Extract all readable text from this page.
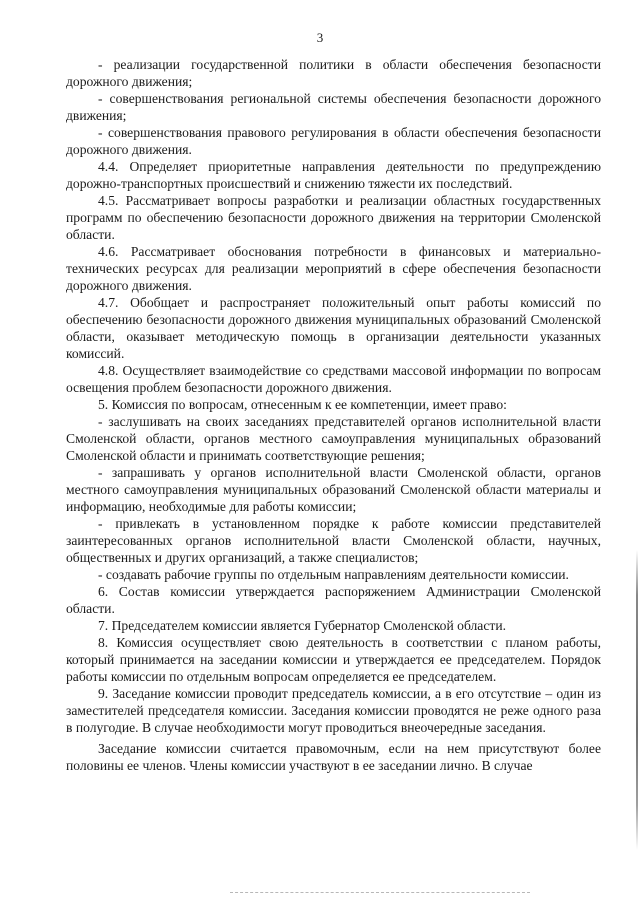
3

- реализации государственной политики в области обеспечения безопасности дорожного движения;

- совершенствования региональной системы обеспечения безопасности дорожного движения;

- совершенствования правового регулирования в области обеспечения безопасности дорожного движения.

4.4. Определяет приоритетные направления деятельности по предупреждению дорожно-транспортных происшествий и снижению тяжести их последствий.

4.5. Рассматривает вопросы разработки и реализации областных государственных программ по обеспечению безопасности дорожного движения на территории Смоленской области.

4.6. Рассматривает обоснования потребности в финансовых и материально-технических ресурсах для реализации мероприятий в сфере обеспечения безопасности дорожного движения.

4.7. Обобщает и распространяет положительный опыт работы комиссий по обеспечению безопасности дорожного движения муниципальных образований Смоленской области, оказывает методическую помощь в организации деятельности указанных комиссий.

4.8. Осуществляет взаимодействие со средствами массовой информации по вопросам освещения проблем безопасности дорожного движения.

5. Комиссия по вопросам, отнесенным к ее компетенции, имеет право:

- заслушивать на своих заседаниях представителей органов исполнительной власти Смоленской области, органов местного самоуправления муниципальных образований Смоленской области и принимать соответствующие решения;

- запрашивать у органов исполнительной власти Смоленской области, органов местного самоуправления муниципальных образований Смоленской области материалы и информацию, необходимые для работы комиссии;

- привлекать в установленном порядке к работе комиссии представителей заинтересованных органов исполнительной власти Смоленской области, научных, общественных и других организаций, а также специалистов;

- создавать рабочие группы по отдельным направлениям деятельности комиссии.

6. Состав комиссии утверждается распоряжением Администрации Смоленской области.

7. Председателем комиссии является Губернатор Смоленской области.

8. Комиссия осуществляет свою деятельность в соответствии с планом работы, который принимается на заседании комиссии и утверждается ее председателем. Порядок работы комиссии по отдельным вопросам определяется ее председателем.

9. Заседание комиссии проводит председатель комиссии, а в его отсутствие – один из заместителей председателя комиссии. Заседания комиссии проводятся не реже одного раза в полугодие. В случае необходимости могут проводиться внеочередные заседания.

Заседание комиссии считается правомочным, если на нем присутствуют более половины ее членов. Члены комиссии участвуют в ее заседании лично. В случае
